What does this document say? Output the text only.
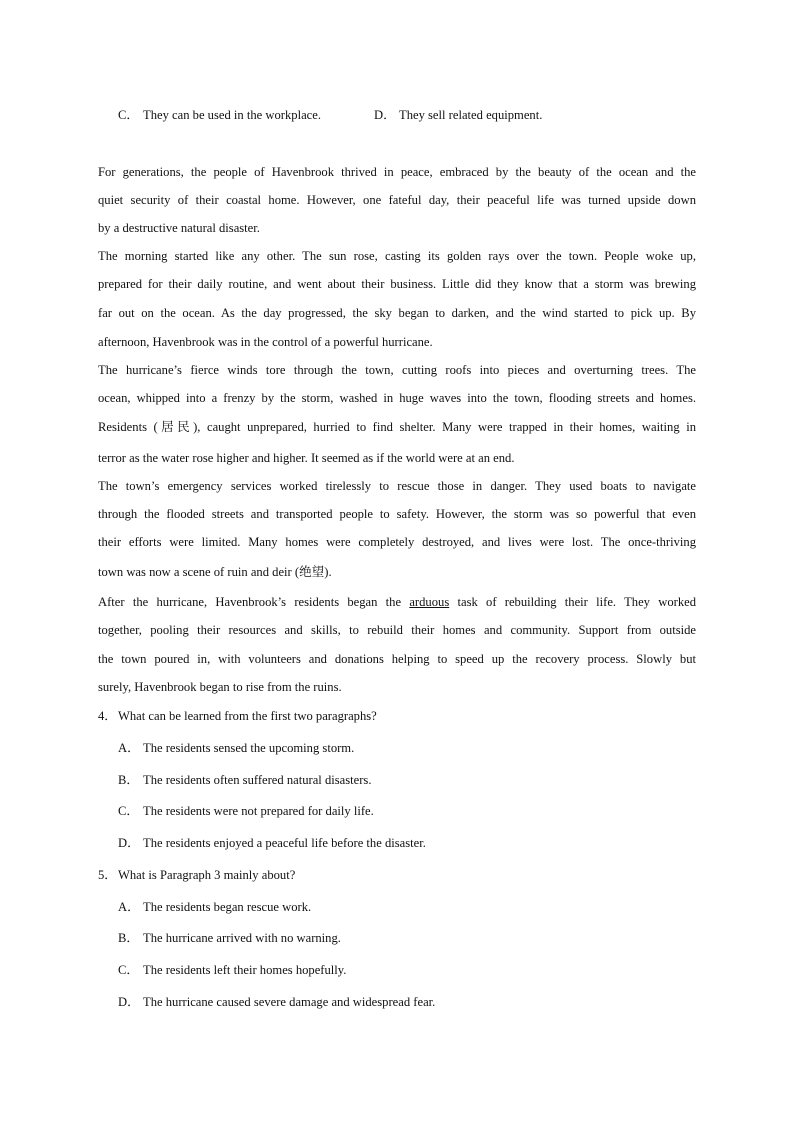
C． They can be used in the workplace.	D． They sell related equipment.
For generations, the people of Havenbrook thrived in peace, embraced by the beauty of the ocean and the
quiet security of their coastal home. However, one fateful day, their peaceful life was turned upside down
by a destructive natural disaster.
The morning started like any other. The sun rose, casting its golden rays over the town. People woke up,
prepared for their daily routine, and went about their business. Little did they know that a storm was brewing
far out on the ocean. As the day progressed, the sky began to darken, and the wind started to pick up. By
afternoon, Havenbrook was in the control of a powerful hurricane.
The hurricane’s fierce winds tore through the town, cutting roofs into pieces and overturning trees. The
ocean, whipped into a frenzy by the storm, washed in huge waves into the town, flooding streets and homes.
Residents (居民), caught unprepared, hurried to find shelter. Many were trapped in their homes, waiting in
terror as the water rose higher and higher. It seemed as if the world were at an end.
The town’s emergency services worked tirelessly to rescue those in danger. They used boats to navigate
through the flooded streets and transported people to safety. However, the storm was so powerful that even
their efforts were limited. Many homes were completely destroyed, and lives were lost. The once-thriving
town was now a scene of ruin and deir (绝望).
After the hurricane, Havenbrook’s residents began the arduous task of rebuilding their life. They worked
together, pooling their resources and skills, to rebuild their homes and community. Support from outside
the town poured in, with volunteers and donations helping to speed up the recovery process. Slowly but
surely, Havenbrook began to rise from the ruins.
4．What can be learned from the first two paragraphs?
A． The residents sensed the upcoming storm.
B． The residents often suffered natural disasters.
C． The residents were not prepared for daily life.
D． The residents enjoyed a peaceful life before the disaster.
5．What is Paragraph 3 mainly about?
A． The residents began rescue work.
B． The hurricane arrived with no warning.
C． The residents left their homes hopefully.
D． The hurricane caused severe damage and widespread fear.
